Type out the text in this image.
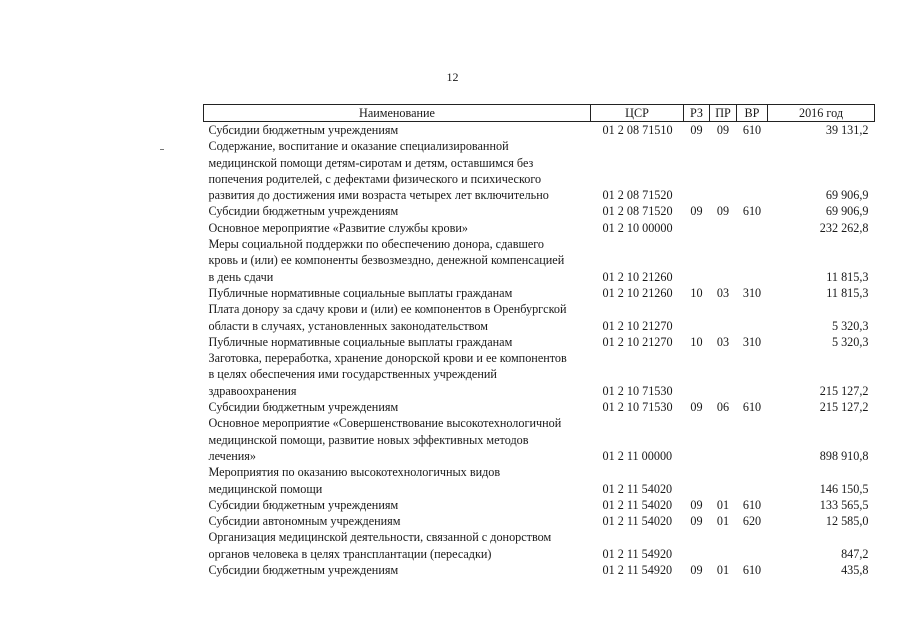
12
Наименование	ЦСР	РЗ	ПР	ВР	2016 год

Субсидии бюджетным учреждениям	01 2 08 71510	09	09	610	39 131,2

Содержание, воспитание и оказание специализированной
медицинской помощи детям-сиротам и детям, оставшимся без
попечения родителей, с дефектами физического и психического
развития до достижения ими возраста четырех лет включительно	01 2 08 71520				69 906,9

Субсидии бюджетным учреждениям	01 2 08 71520	09	09	610	69 906,9

Основное мероприятие «Развитие службы крови»	01 2 10 00000				232 262,8

Меры социальной поддержки по обеспечению донора, сдавшего
кровь и (или) ее компоненты безвозмездно, денежной компенсацией
в день сдачи	01 2 10 21260				11 815,3

Публичные нормативные социальные выплаты гражданам	01 2 10 21260	10	03	310	11 815,3

Плата донору за сдачу крови и (или) ее компонентов в Оренбургской
области в случаях, установленных законодательством	01 2 10 21270				5 320,3

Публичные нормативные социальные выплаты гражданам	01 2 10 21270	10	03	310	5 320,3

Заготовка, переработка, хранение донорской крови и ее компонентов
в целях обеспечения ими государственных учреждений
здравоохранения	01 2 10 71530				215 127,2

Субсидии бюджетным учреждениям	01 2 10 71530	09	06	610	215 127,2

Основное мероприятие «Совершенствование высокотехнологичной
медицинской помощи, развитие новых эффективных методов
лечения»	01 2 11 00000				898 910,8

Мероприятия по оказанию высокотехнологичных видов
медицинской помощи	01 2 11 54020				146 150,5

Субсидии бюджетным учреждениям	01 2 11 54020	09	01	610	133 565,5

Субсидии автономным учреждениям	01 2 11 54020	09	01	620	12 585,0

Организация медицинской деятельности, связанной с донорством
органов человека в целях трансплантации (пересадки)	01 2 11 54920				847,2

Субсидии бюджетным учреждениям	01 2 11 54920	09	01	610	435,8
